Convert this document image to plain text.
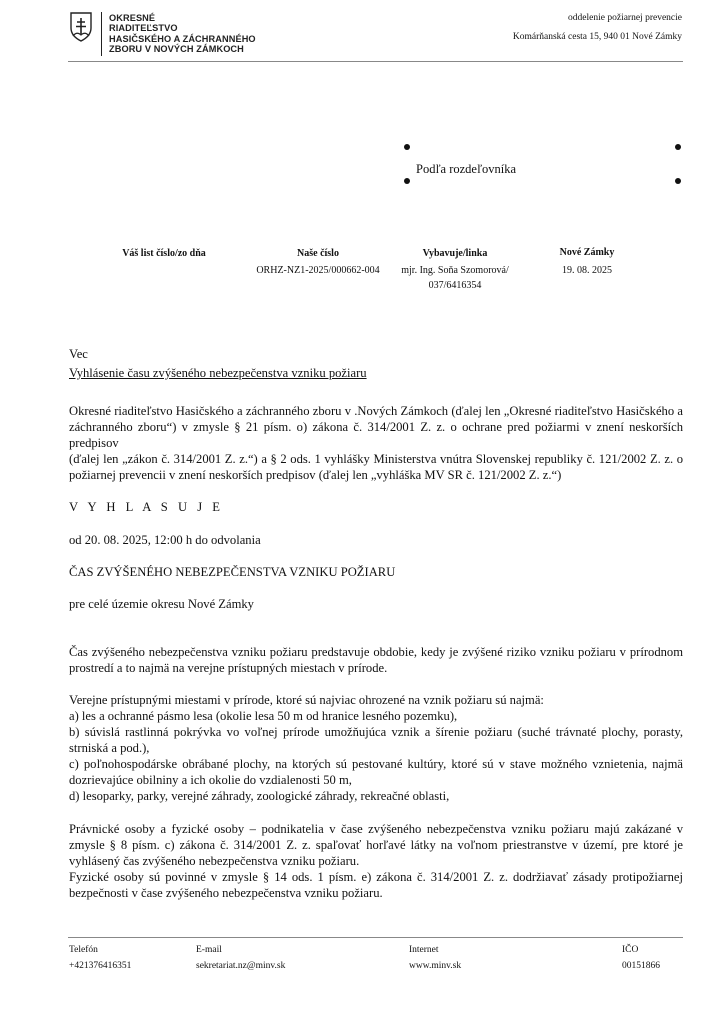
OKRESNÉ
RIADITEĽSTVO
HASIČSKÉHO A ZÁCHRANNÉHO
ZBORU V NOVÝCH ZÁMKOCH
oddelenie požiarnej prevencie
Komárňanská cesta 15, 940 01 Nové Zámky
Podľa rozdeľovníka
Váš list číslo/zo dňa	Naše číslo
ORHZ-NZ1-2025/000662-004
Vybavuje/linka
mjr. Ing. Soňa Szomorová/
037/6416354
Nové Zámky
19. 08. 2025
Vec
Vyhlásenie času zvýšeného nebezpečenstva vzniku požiaru
Okresné riaditeľstvo Hasičského a záchranného zboru v .Nových Zámkoch (ďalej len „Okresné riaditeľstvo Hasičského a záchranného zboru“) v zmysle § 21 písm. o) zákona č. 314/2001 Z. z. o ochrane pred požiarmi v znení neskorších predpisov
(ďalej len „zákon č. 314/2001 Z. z.“) a § 2 ods. 1 vyhlášky Ministerstva vnútra Slovenskej republiky č. 121/2002 Z. z. o požiarnej prevencii v znení neskorších predpisov (ďalej len „vyhláška MV SR č. 121/2002 Z. z.“)
V Y H L A S U J E
od 20. 08. 2025, 12:00 h do odvolania
ČAS ZVÝŠENÉHO NEBEZPEČENSTVA VZNIKU POŽIARU
pre celé územie okresu Nové Zámky
Čas zvýšeného nebezpečenstva vzniku požiaru predstavuje obdobie, kedy je zvýšené riziko vzniku požiaru v prírodnom prostredí a to najmä na verejne prístupných miestach v prírode.
Verejne prístupnými miestami v prírode, ktoré sú najviac ohrozené na vznik požiaru sú najmä:
a) les a ochranné pásmo lesa (okolie lesa 50 m od hranice lesného pozemku),
b) súvislá rastlinná pokrývka vo voľnej prírode umožňujúca vznik a šírenie požiaru (suché trávnaté plochy, porasty, strniská a pod.),
c) poľnohospodárske obrábané plochy, na ktorých sú pestované kultúry, ktoré sú v stave možného vznietenia, najmä dozrievajúce obilniny a ich okolie do vzdialenosti 50 m,
d) lesoparky, parky, verejné záhrady, zoologické záhrady, rekreačné oblasti,
Právnické osoby a fyzické osoby – podnikatelia v čase zvýšeného nebezpečenstva vzniku požiaru majú zakázané v zmysle § 8 písm. c) zákona č. 314/2001 Z. z. spaľovať horľavé látky na voľnom priestranstve v území, pre ktoré je vyhlásený čas zvýšeného nebezpečenstva vzniku požiaru.
Fyzické osoby sú povinné v zmysle § 14 ods. 1 písm. e) zákona č. 314/2001 Z. z. dodržiavať zásady protipožiarnej bezpečnosti v čase zvýšeného nebezpečenstva vzniku požiaru.
Telefón
+421376416351
E-mail
sekretariat.nz@minv.sk
Internet
www.minv.sk
IČO
00151866
